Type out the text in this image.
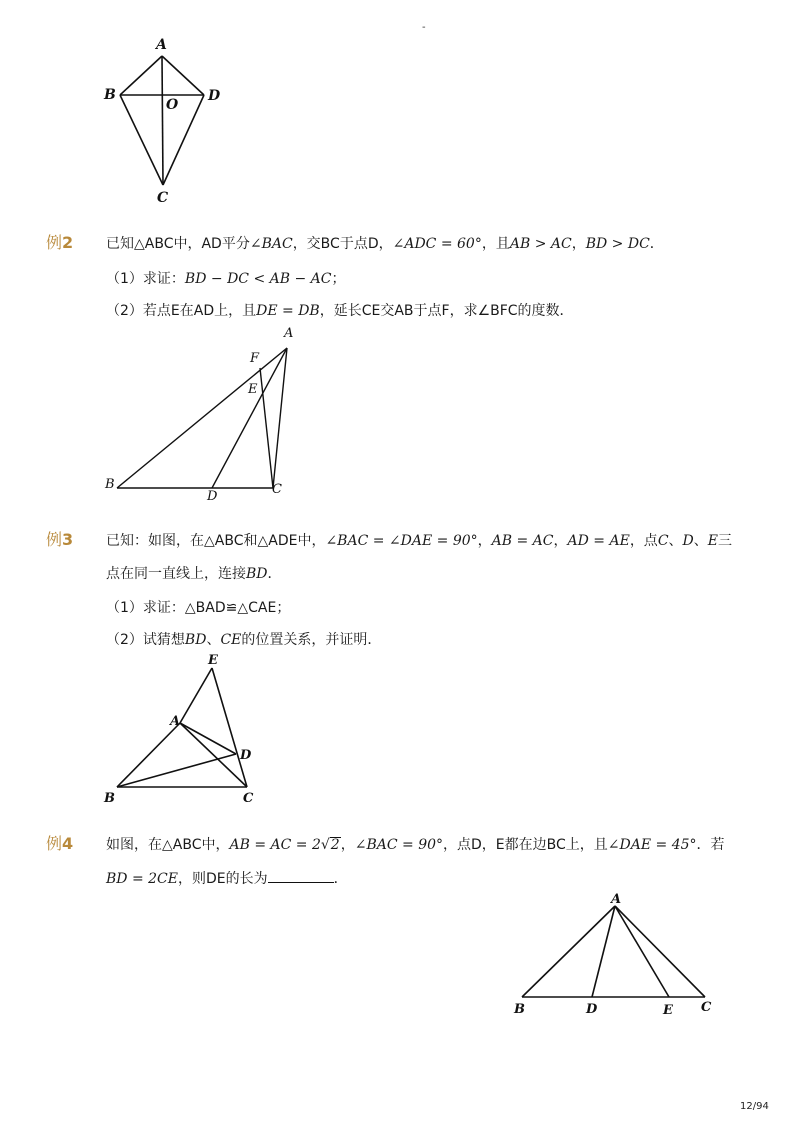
-
A
B	D
O
C
例2 已知△ABC中，AD平分∠BAC，交BC于点D，∠ADC = 60°，且AB > AC，BD > DC．
（1）求证：BD − DC < AB − AC；
（2）若点E在AD上，且DE = DB，延长CE交AB于点F，求∠BFC的度数．
A
F
E
B
D	C
例3 已知：如图，在△ABC和△ADE中，∠BAC = ∠DAE = 90°，AB = AC，AD = AE，点C、D、E三
点在同一直线上，连接BD．
（1）求证：△BAD≌△CAE；
（2）试猜想BD、CE的位置关系，并证明．
E
A
D
B	C
例4 如图，在△ABC中，AB = AC = 2√2，∠BAC = 90°，点D，E都在边BC上，且∠DAE = 45°．若
BD = 2CE，则DE的长为	．
A
B	D	E C
12/94
